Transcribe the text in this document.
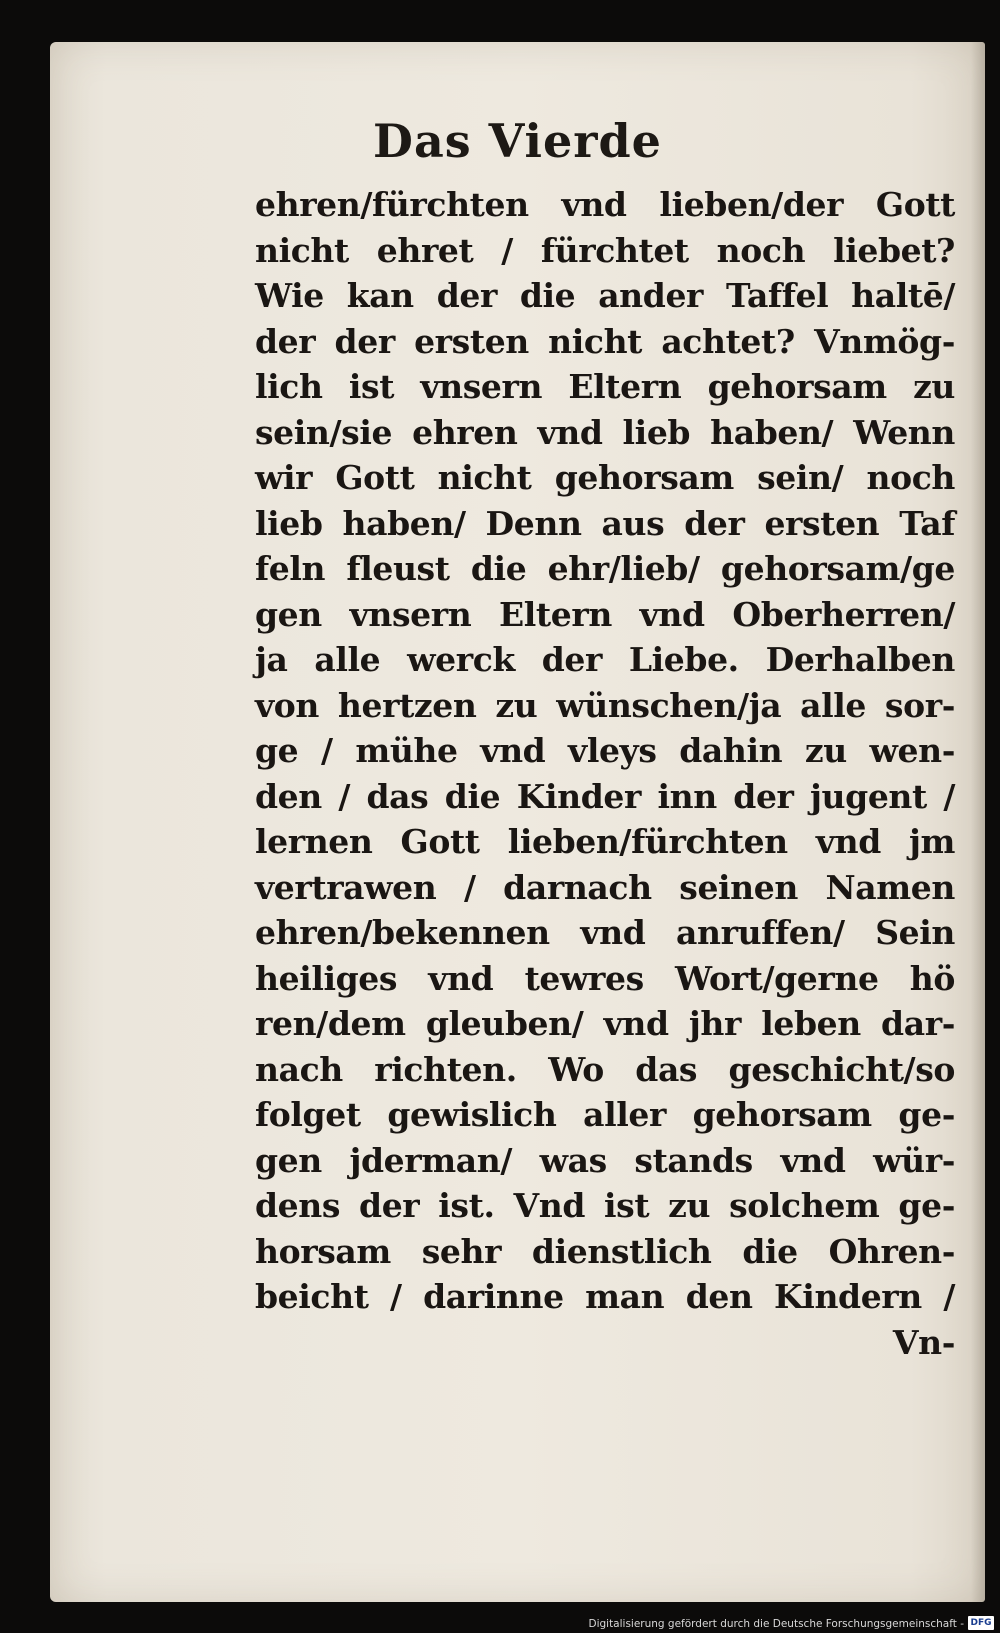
Das Vierde
ehren/fürchten vnd lieben/der Gott
nicht ehret / fürchtet noch liebet?
Wie kan der die ander Taffel haltē/
der der ersten nicht achtet? Vnmög-
lich ist vnsern Eltern gehorsam zu
sein/sie ehren vnd lieb haben/ Wenn
wir Gott nicht gehorsam sein/ noch
lieb haben/ Denn aus der ersten Taf
feln fleust die ehr/lieb/ gehorsam/ge
gen vnsern Eltern vnd Oberherren/
ja alle werck der Liebe. Derhalben
von hertzen zu wünschen/ja alle sor-
ge / mühe vnd vleys dahin zu wen-
den / das die Kinder inn der jugent /
lernen Gott lieben/fürchten vnd jm
vertrawen / darnach seinen Namen
ehren/bekennen vnd anruffen/ Sein
heiliges vnd tewres Wort/gerne hö
ren/dem gleuben/ vnd jhr leben dar-
nach richten. Wo das geschicht/so
folget gewislich aller gehorsam ge-
gen jderman/ was stands vnd wür-
dens der ist. Vnd ist zu solchem ge-
horsam sehr dienstlich die Ohren-
beicht / darinne man den Kindern /
Vn-
Digitalisierung gefördert durch die Deutsche Forschungsgemeinschaft - DFG
